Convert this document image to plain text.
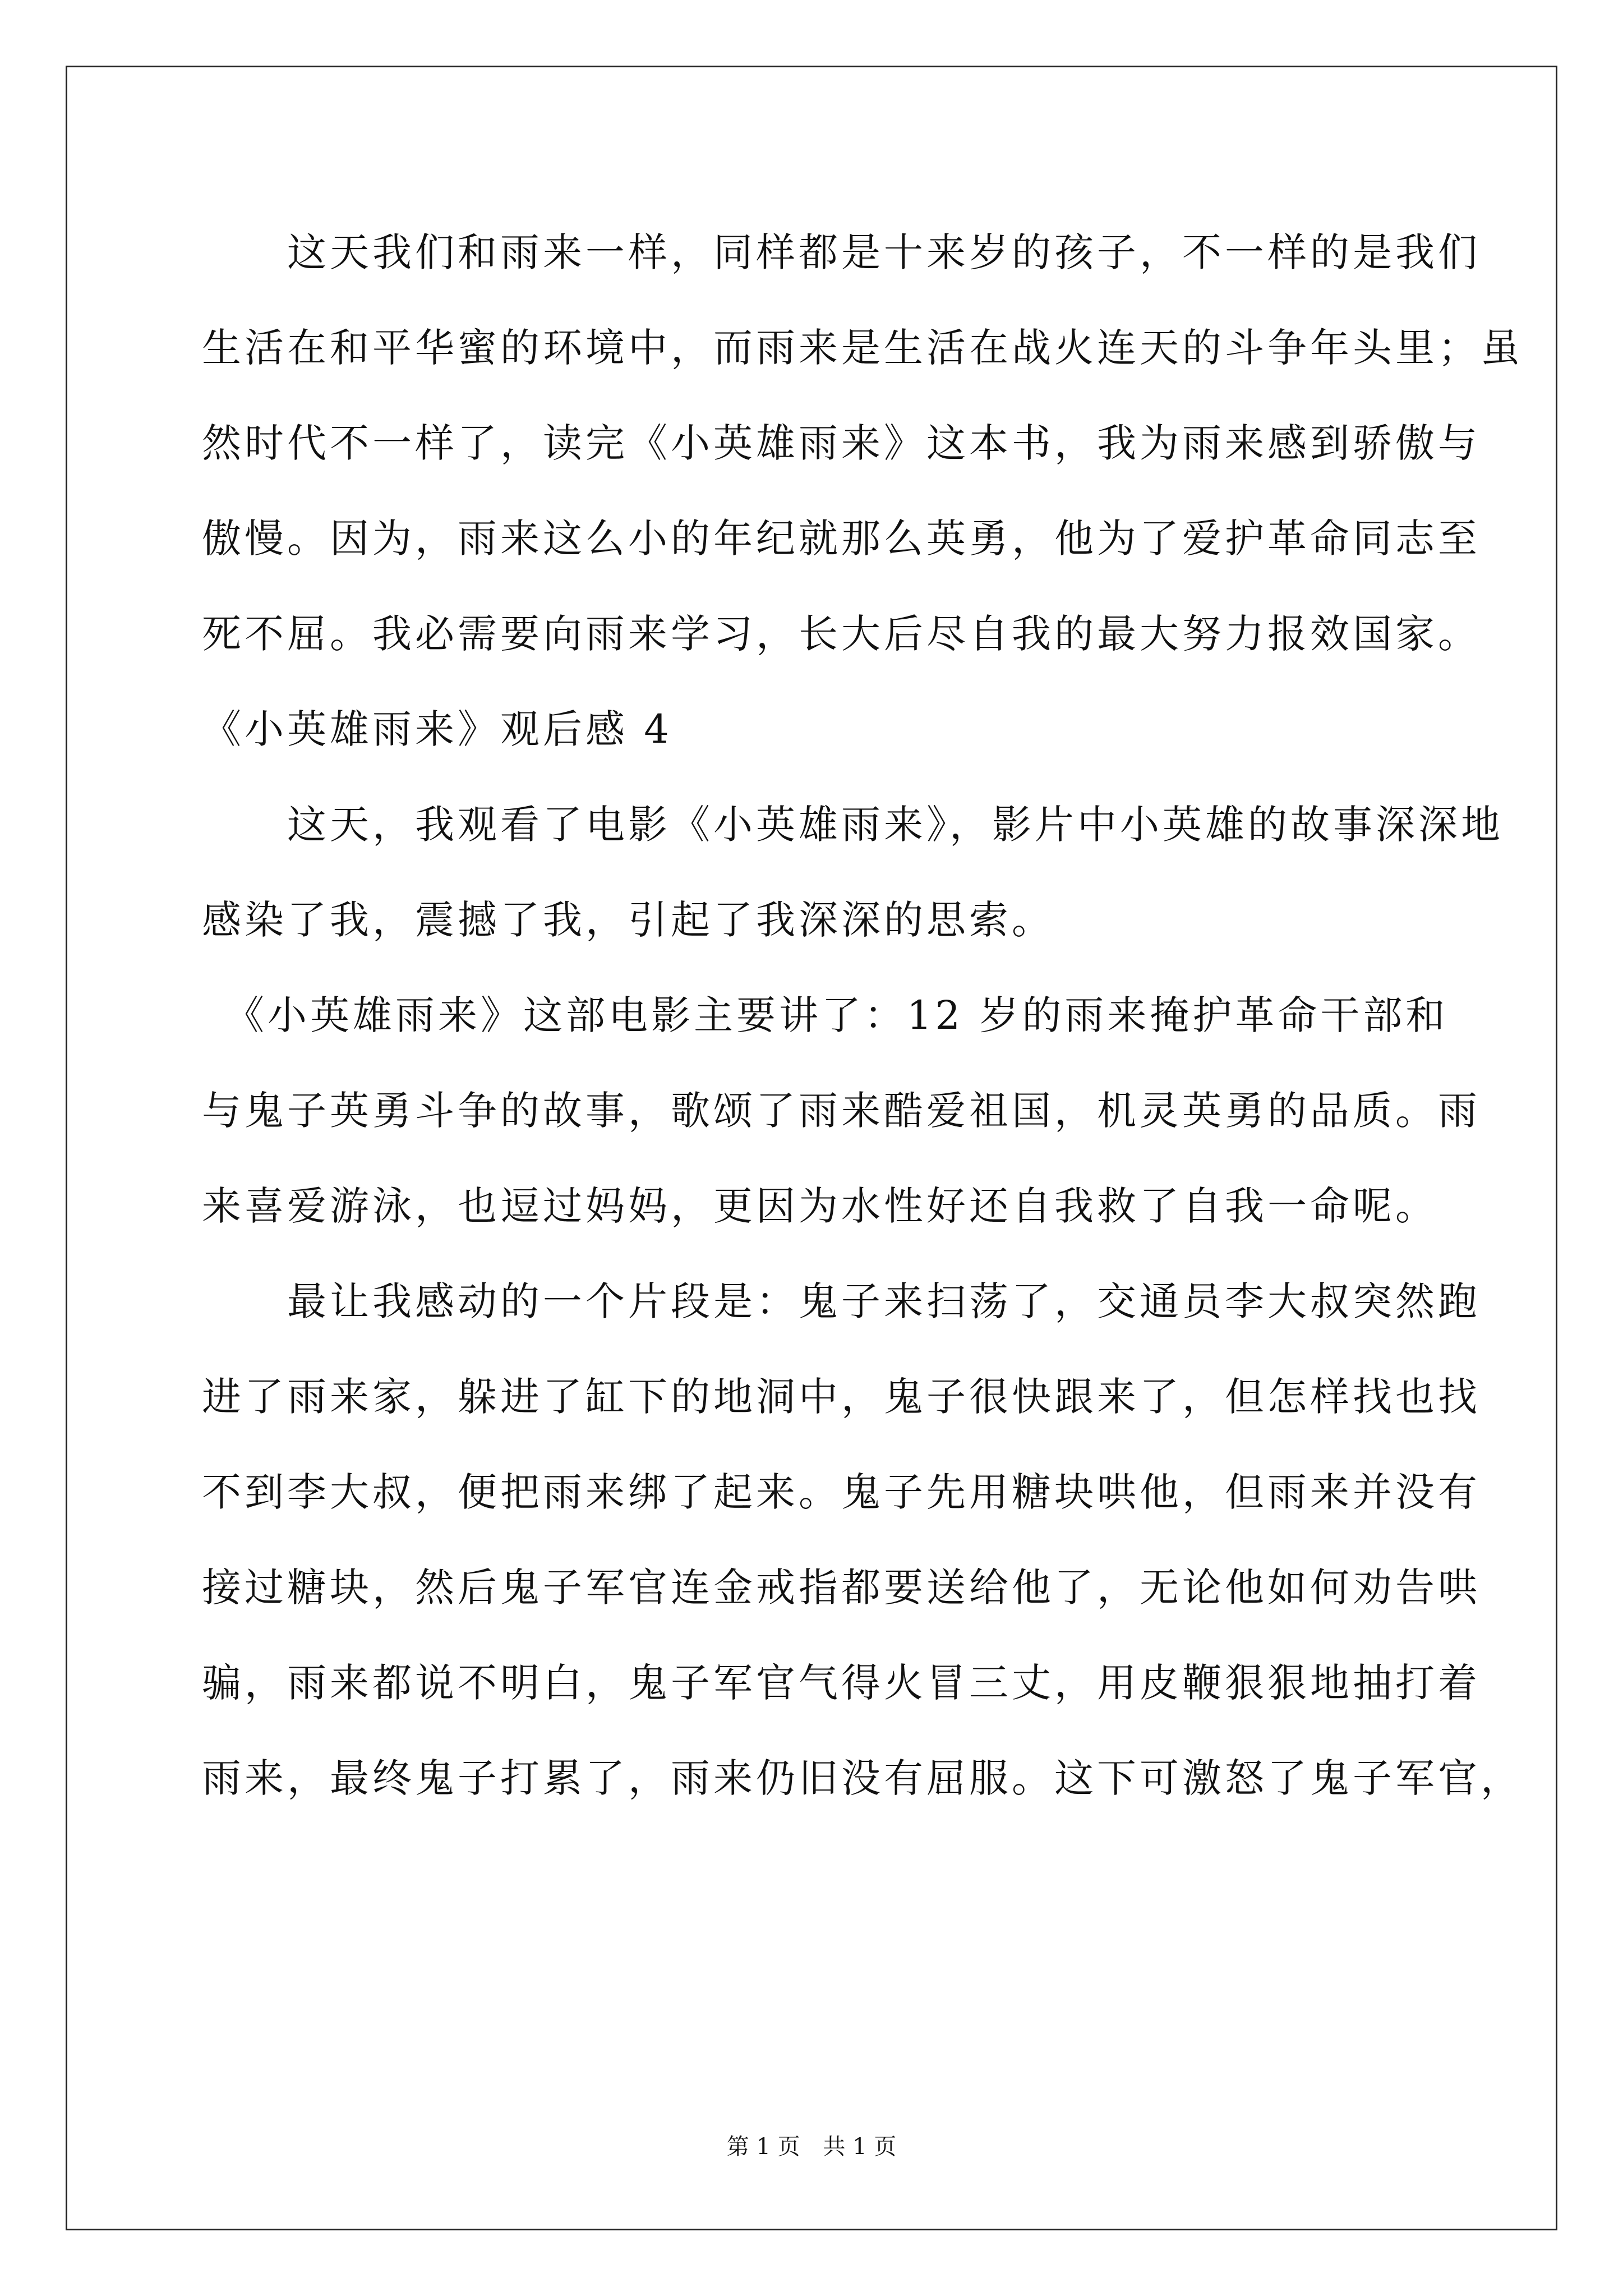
　　这天我们和雨来一样，同样都是十来岁的孩子，不一样的是我们
生活在和平华蜜的环境中，而雨来是生活在战火连天的斗争年头里；虽
然时代不一样了，读完《小英雄雨来》这本书，我为雨来感到骄傲与
傲慢。因为，雨来这么小的年纪就那么英勇，他为了爱护革命同志至
死不屈。我必需要向雨来学习，长大后尽自我的最大努力报效国家。
《小英雄雨来》观后感 4
　　这天，我观看了电影《小英雄雨来》，影片中小英雄的故事深深地
感染了我，震撼了我，引起了我深深的思索。
　《小英雄雨来》这部电影主要讲了：12 岁的雨来掩护革命干部和
与鬼子英勇斗争的故事，歌颂了雨来酷爱祖国，机灵英勇的品质。雨
来喜爱游泳，也逗过妈妈，更因为水性好还自我救了自我一命呢。
　　最让我感动的一个片段是：鬼子来扫荡了，交通员李大叔突然跑
进了雨来家，躲进了缸下的地洞中，鬼子很快跟来了，但怎样找也找
不到李大叔，便把雨来绑了起来。鬼子先用糖块哄他，但雨来并没有
接过糖块，然后鬼子军官连金戒指都要送给他了，无论他如何劝告哄
骗，雨来都说不明白，鬼子军官气得火冒三丈，用皮鞭狠狠地抽打着
雨来，最终鬼子打累了，雨来仍旧没有屈服。这下可激怒了鬼子军官，
第 1 页 共 1 页
